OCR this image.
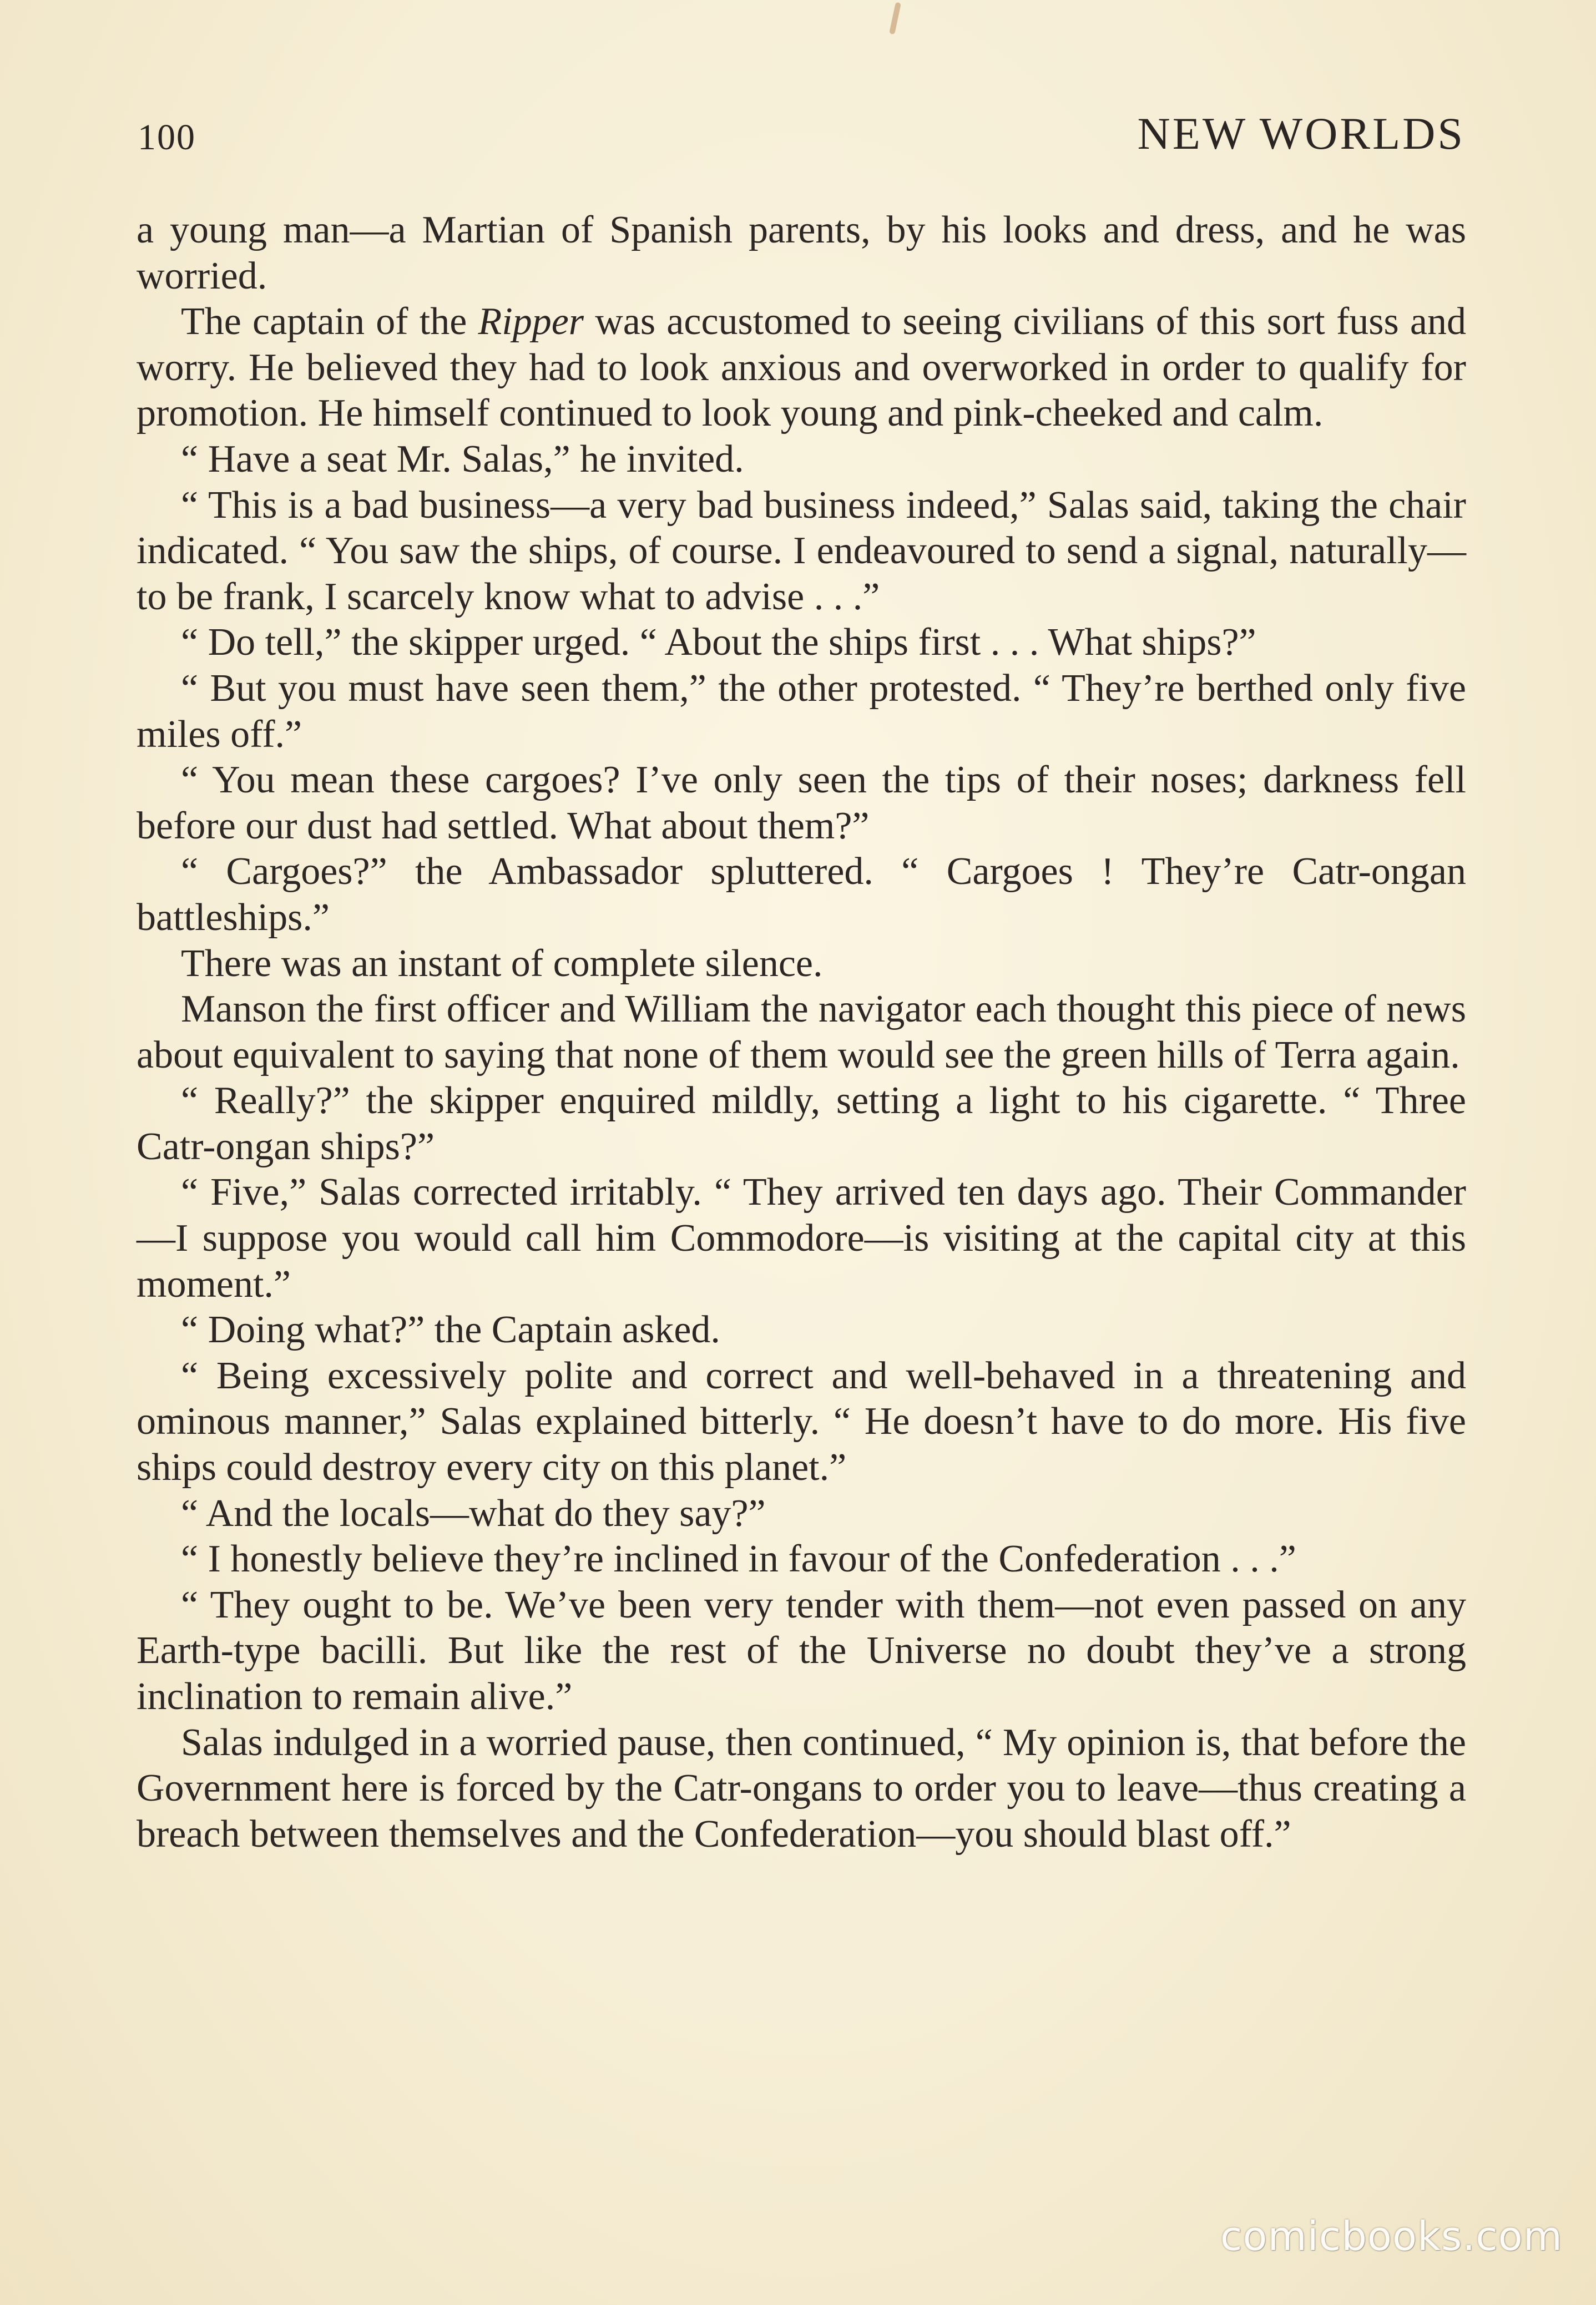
100	NEW WORLDS

a young man—a Martian of Spanish parents, by his looks and dress, and he was worried.

The captain of the Ripper was accustomed to seeing civilians of this sort fuss and worry. He believed they had to look anxious and overworked in order to qualify for promotion. He himself continued to look young and pink-cheeked and calm.

“ Have a seat Mr. Salas,” he invited.

“ This is a bad business—a very bad business indeed,” Salas said, taking the chair indicated. “ You saw the ships, of course. I endeavoured to send a signal, naturally—to be frank, I scarcely know what to advise . . .”

“ Do tell,” the skipper urged. “ About the ships first . . . What ships?”

“ But you must have seen them,” the other protested. “ They’re berthed only five miles off.”

“ You mean these cargoes? I’ve only seen the tips of their noses; darkness fell before our dust had settled. What about them?”

“ Cargoes?” the Ambassador spluttered. “ Cargoes ! They’re Catr-ongan battleships.”

There was an instant of complete silence.

Manson the first officer and William the navigator each thought this piece of news about equivalent to saying that none of them would see the green hills of Terra again.

“ Really?” the skipper enquired mildly, setting a light to his cigarette. “ Three Catr-ongan ships?”

“ Five,” Salas corrected irritably. “ They arrived ten days ago. Their Commander—I suppose you would call him Commodore—is visiting at the capital city at this moment.”

“ Doing what?” the Captain asked.

“ Being excessively polite and correct and well-behaved in a threatening and ominous manner,” Salas explained bitterly. “ He doesn’t have to do more. His five ships could destroy every city on this planet.”

“ And the locals—what do they say?”

“ I honestly believe they’re inclined in favour of the Confederation . . .”

“ They ought to be. We’ve been very tender with them—not even passed on any Earth-type bacilli. But like the rest of the Universe no doubt they’ve a strong inclination to remain alive.”

Salas indulged in a worried pause, then continued, “ My opinion is, that before the Government here is forced by the Catr-ongans to order you to leave—thus creating a breach between themselves and the Confederation—you should blast off.”

comicbooks.com
